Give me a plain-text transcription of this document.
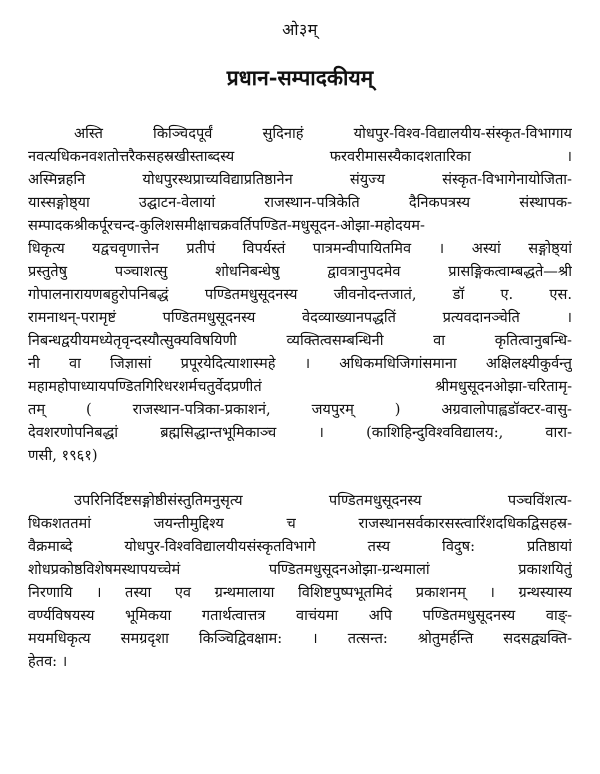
ओ३म्
प्रधान-सम्पादकीयम्
अस्ति किञ्चिदपूर्वं सुदिनाहं योधपुर-विश्व-विद्यालयीय-संस्कृत-विभागाय
नवत्यधिकनवशतोत्तरैकसहस्रखीस्ताब्दस्य फरवरीमासस्यैकादशतारिका ।
अस्मिन्नहनि योधपुरस्थप्राच्यविद्याप्रतिष्ठानेन संयुज्य संस्कृत-विभागेनायोजिता-
यास्सङ्गोष्ठ्या उद्घाटन-वेलायां राजस्थान-पत्रिकेति दैनिकपत्रस्य संस्थापक-
सम्पादकश्रीकर्पूरचन्द-कुलिशसमीक्षाचक्रवर्तिपण्डित-मधुसूदन-ओझा-महोदयम-
धिकृत्य यद्वचवृणात्तेन प्रतीपं विपर्यस्तं पात्रमन्वीपायितमिव । अस्यां सङ्गोष्ठ्यां
प्रस्तुतेषु पञ्चाशत्सु शोधनिबन्धेषु द्वावत्रानुपदमेव प्रासङ्गिकत्वाम्बद्धते—श्री
गोपालनारायणबहुरोपनिबद्धं पण्डितमधुसूदनस्य जीवनोदन्तजातं, डॉ ए. एस.
रामनाथन्-परामृष्टं पण्डितमधुसूदनस्य वेदव्याख्यानपद्धतिं प्रत्यवदानञ्चेति ।
निबन्धद्वयीयमध्येतृवृन्दस्यौत्सुक्यविषयिणी व्यक्तित्वसम्बन्धिनी वा कृतित्वानुबन्धि-
नी वा जिज्ञासां प्रपूरयेदित्याशास्महे । अधिकमधिजिगांसमाना अक्षिलक्ष्यीकुर्वन्तु
महामहोपाध्यायपण्डितगिरिधरशर्मचतुर्वेदप्रणीतं श्रीमधुसूदनओझा-चरितामृ-
तम् ( राजस्थान-पत्रिका-प्रकाशनं, जयपुरम् ) अग्रवालोपाह्वडॉक्टर-वासु-
देवशरणोपनिबद्धां ब्रह्मसिद्धान्तभूमिकाञ्च । (काशिहिन्दुविश्वविद्यालय:, वारा-
णसी, १९६१)
उपरिनिर्दिष्टसङ्गोष्ठीसंस्तुतिमनुसृत्य पण्डितमधुसूदनस्य पञ्चविंशत्य-
धिकशततमां जयन्तीमुद्दिश्य च राजस्थानसर्वकारसस्त्वारिंशदधिकद्विसहस्र-
वैक्रमाब्दे योधपुर-विश्वविद्यालयीयसंस्कृतविभागे तस्य विदुष: प्रतिष्ठायां
शोधप्रकोष्ठविशेषमस्थापयच्चेमं पण्डितमधुसूदनओझा-ग्रन्थमालां प्रकाशयितुं
निरणायि । तस्या एव ग्रन्थमालाया विशिष्टपुष्पभूतमिदं प्रकाशनम् । ग्रन्थस्यास्य
वर्ण्यविषयस्य भूमिकया गतार्थत्वात्तत्र वाचंयमा अपि पण्डितमधुसूदनस्य वाङ्-
मयमधिकृत्य समग्रदृशा किञ्चिद्विवक्षाम: । तत्सन्त: श्रोतुमर्हन्ति सदसद्व्यक्ति-
हेतव: ।
